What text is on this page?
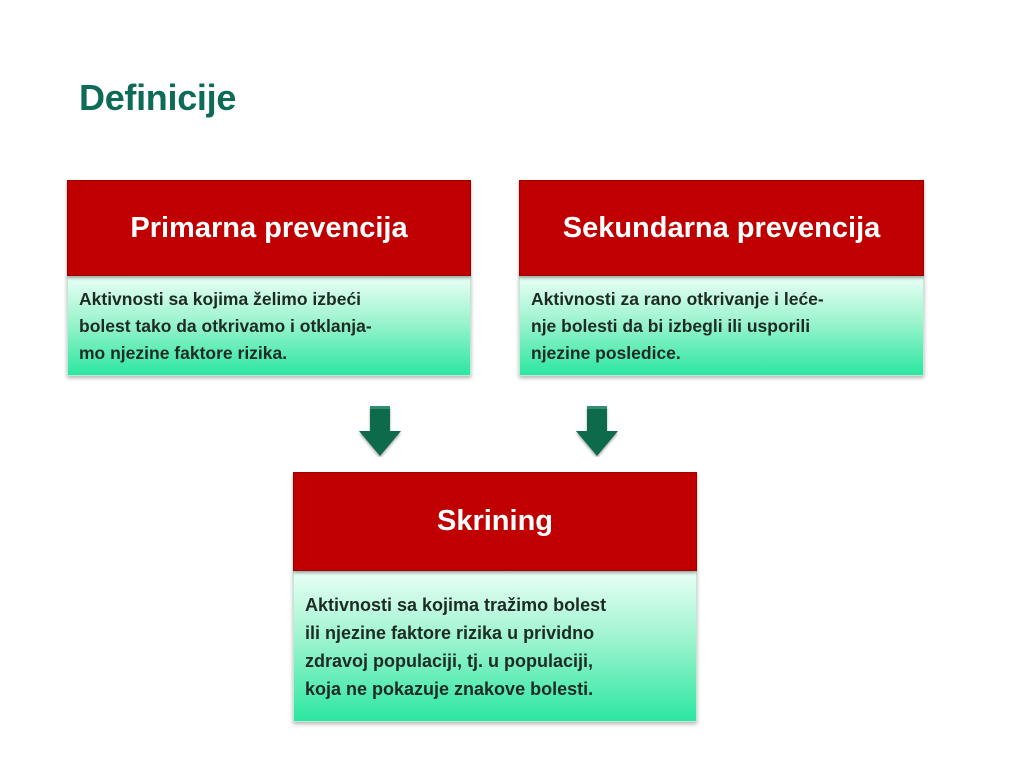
Definicije
Primarna prevencija
Aktivnosti sa kojima želimo izbeći
bolest tako da otkrivamo i otklanja-
mo njezine faktore rizika.
Sekundarna prevencija
Aktivnosti za rano otkrivanje i leće-
nje bolesti da bi izbegli ili usporili
njezine posledice.
Skrining
Aktivnosti sa kojima tražimo bolest
ili njezine faktore rizika u prividno
zdravoj populaciji, tj. u populaciji,
koja ne pokazuje znakove bolesti.
